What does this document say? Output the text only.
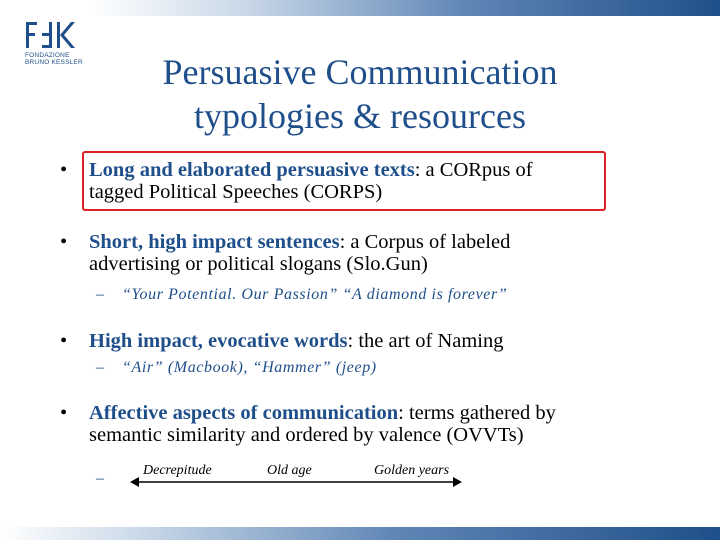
FONDAZIONE
BRUNO KESSLER	Persuasive Communication
typologies & resources
• Long and elaborated persuasive texts: a CORpus of
tagged Political Speeches (CORPS)
• Short, high impact sentences: a Corpus of labeled
advertising or political slogans (Slo.Gun)
– “Your Potential. Our Passion” “A diamond is forever”
• High impact, evocative words: the art of Naming
– “Air” (Macbook), “Hammer” (jeep)
• Affective aspects of communication: terms gathered by
semantic similarity and ordered by valence (OVVTs)
–	Decrepitude	Old age	Golden years
